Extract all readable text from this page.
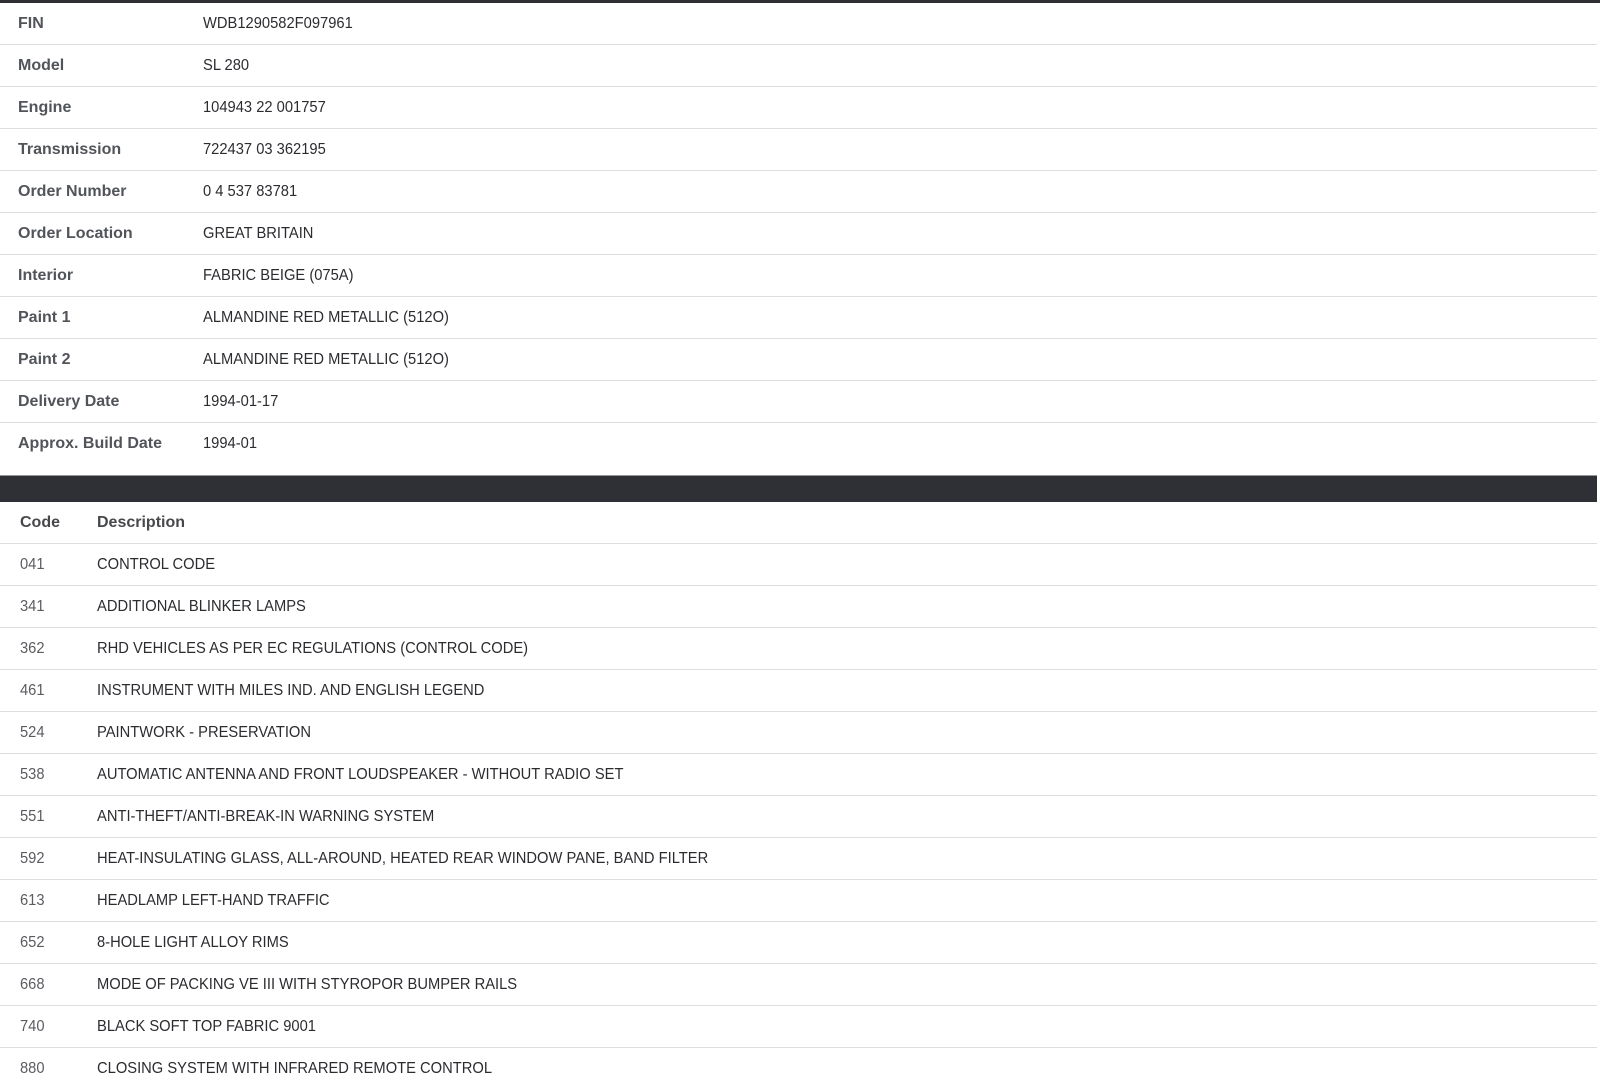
FIN	WDB1290582F097961
Model	SL 280
Engine	104943 22 001757
Transmission	722437 03 362195
Order Number	0 4 537 83781
Order Location	GREAT BRITAIN
Interior	FABRIC BEIGE (075A)
Paint 1	ALMANDINE RED METALLIC (512O)
Paint 2	ALMANDINE RED METALLIC (512O)
Delivery Date	1994-01-17
Approx. Build Date	1994-01
Code	Description
041	CONTROL CODE
341	ADDITIONAL BLINKER LAMPS
362	RHD VEHICLES AS PER EC REGULATIONS (CONTROL CODE)
461	INSTRUMENT WITH MILES IND. AND ENGLISH LEGEND
524	PAINTWORK - PRESERVATION
538	AUTOMATIC ANTENNA AND FRONT LOUDSPEAKER - WITHOUT RADIO SET
551	ANTI-THEFT/ANTI-BREAK-IN WARNING SYSTEM
592	HEAT-INSULATING GLASS, ALL-AROUND, HEATED REAR WINDOW PANE, BAND FILTER
613	HEADLAMP LEFT-HAND TRAFFIC
652	8-HOLE LIGHT ALLOY RIMS
668	MODE OF PACKING VE III WITH STYROPOR BUMPER RAILS
740	BLACK SOFT TOP FABRIC 9001
880	CLOSING SYSTEM WITH INFRARED REMOTE CONTROL
